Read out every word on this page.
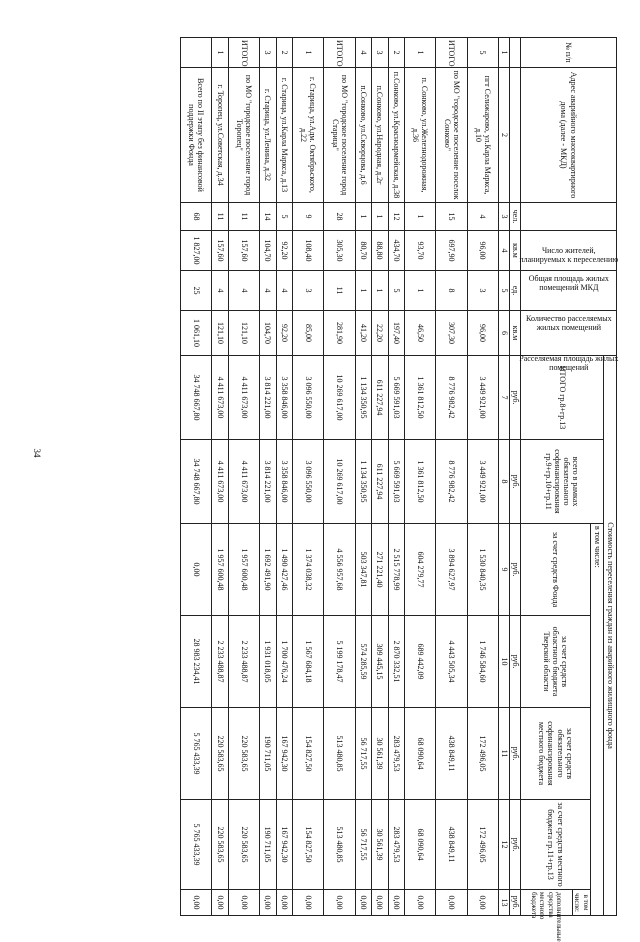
34
№ п/п	Адрес аварийного многоквартирного дома (далее - МКД)	Число жителей, планируемых к переселению	Общая площадь жилых помещений МКД	Количество расселяемых жилых помещений	Расселяемая площадь жилых помещений	Стоимость переселения граждан из аварийного жилищного фонда						
						ИТОГО гр.8+гр.13	всего в рамках обязательного софинансирования гр.9+гр.10+гр.11	в том числе:				
								за счет средств Фонда	за счет средств областного бюджета Тверской области	за счет средств обязательного софинансирования местного бюджета	за счет средств местного бюджета гр.11+гр.13	в том числе:
												дополнительные средства местного бюджета
		чел.	кв.м	ед.	кв.м	руб.	руб.	руб.	руб.	руб.	руб.	руб.
1	2	3	4	5	6	7	8	9	10	11	12	13
5	пгт Селижарово, ул.Карла Маркса, д.10	4	96,00	3	96,00	3 449 921,00	3 449 921,00	1 530 840,35	1 746 584,60	172 496,05	172 496,05	0,00
ИТОГО	по МО "городское поселение поселок Сонково"	15	697,90	8	307,30	8 776 982,42	8 776 982,42	3 894 627,97	4 443 505,34	438 849,11	438 849,11	0,00
1	п. Сонково, ул.Железнодорожная, д.36	1	93,70	1	46,50	1 361 812,50	1 361 812,50	604 279,77	689 442,09	68 090,64	68 090,64	0,00
2	п.Сонково, ул.Красноармейская, д.38	12	434,70	5	197,40	5 669 591,03	5 669 591,03	2 515 778,99	2 870 332,51	283 479,53	283 479,53	0,00
3	п.Сонково, ул.Народная, д.2г	1	88,80	1	22,20	611 227,94	611 227,94	271 221,40	309 445,15	30 561,39	30 561,39	0,00
4	п.Сонково, ул.Скворцова, д.6	1	80,70	1	41,20	1 134 350,95	1 134 350,95	503 347,81	574 285,59	56 717,55	56 717,55	0,00
ИТОГО	по МО "городское поселение город Старица"	28	305,30	11	281,90	10 269 617,00	10 269 617,00	4 556 957,68	5 199 178,47	513 480,85	513 480,85	0,00
1	г. Старица, ул.Адм. Октябрьского, д.22	9	108,40	3	85,00	3 096 550,00	3 096 550,00	1 374 038,32	1 567 684,18	154 827,50	154 827,50	0,00
2	г. Старица, ул.Карла Маркса, д.13	5	92,20	4	92,20	3 358 846,00	3 358 846,00	1 490 427,46	1 700 476,24	167 942,30	167 942,30	0,00
3	г. Старица, ул.Ленина, д.32	14	104,70	4	104,70	3 814 221,00	3 814 221,00	1 692 491,90	1 931 018,05	190 711,05	190 711,05	0,00
ИТОГО	по МО "городское поселение город Торопец"	11	157,60	4	121,10	4 411 673,00	4 411 673,00	1 957 600,48	2 233 488,87	220 583,65	220 583,65	0,00
1	г. Торопец, ул.Советская, д.34	11	157,60	4	121,10	4 411 673,00	4 411 673,00	1 957 600,48	2 233 488,87	220 583,65	220 583,65	0,00
	Всего по II этапу без финансовой поддержки Фонда	68	1 827,00	25	1 061,10	34 748 667,80	34 748 667,80	0,00	28 983 234,41	5 765 433,39	5 765 433,39	0,00
